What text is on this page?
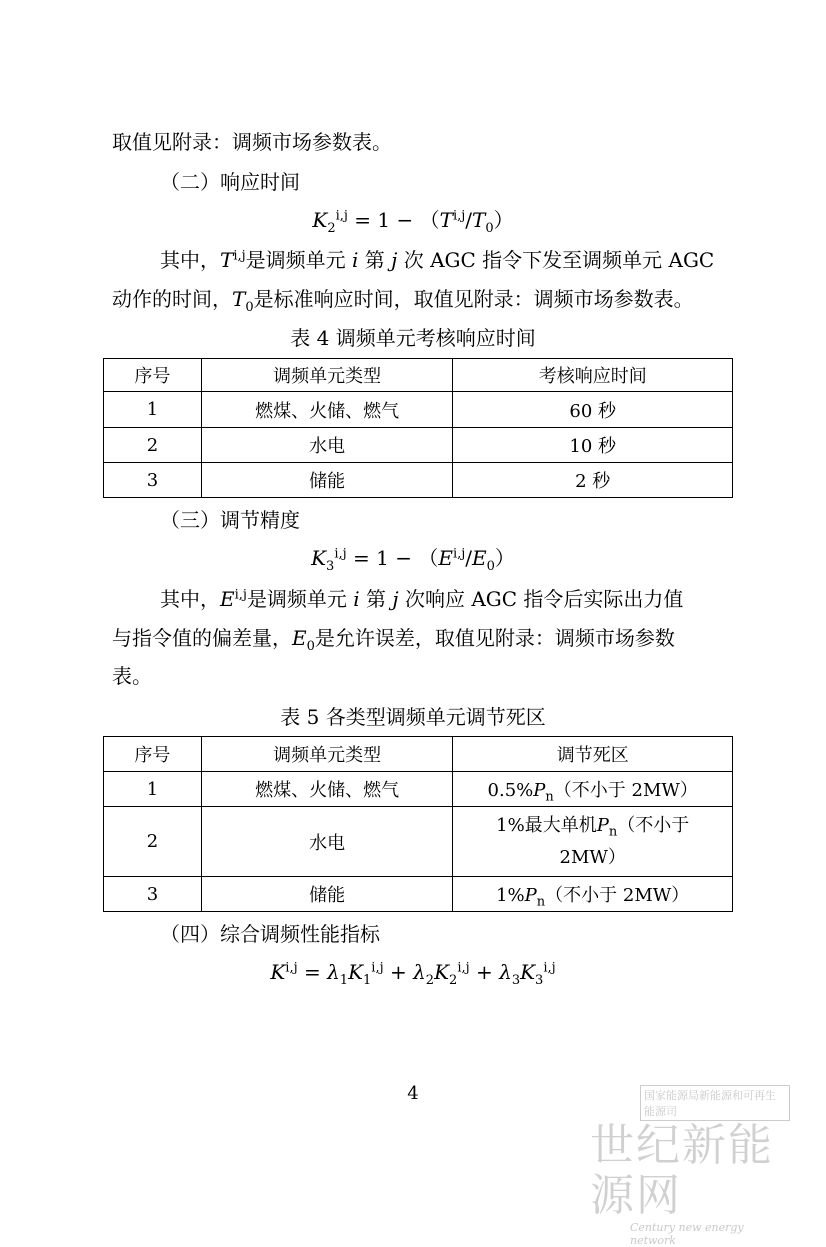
取值见附录：调频市场参数表。
（二）响应时间
$K_2^{i,j} = 1 - (T^{i,j}/T_0)$
其中，T$^{i,j}$是调频单元 i 第 j 次 AGC 指令下发至调频单元 AGC
动作的时间，$T_0$是标准响应时间，取值见附录：调频市场参数表。
表 4 调频单元考核响应时间
序号	调频单元类型	考核响应时间
1	燃煤、火储、燃气	60 秒
2	水电	10 秒
3	储能	2 秒
（三）调节精度
$K_3^{i,j} = 1 - (E^{i,j}/E_0)$
其中，E$^{i,j}$是调频单元 i 第 j 次响应 AGC 指令后实际出力值
与指令值的偏差量，$E_0$是允许误差，取值见附录：调频市场参数
表。
表 5 各类型调频单元调节死区
序号	调频单元类型	调节死区
1	燃煤、火储、燃气	$0.5\%P_n$（不小于 2MW）
2	水电	1%最大单机$P_n$（不小于
2MW）
3	储能	$1\%P_n$（不小于 2MW）
（四）综合调频性能指标
$K^{i,j} = \lambda_1K_1^{i,j} + \lambda_2K_2^{i,j} + \lambda_3K_3^{i,j}$
4	国家能源局新能源和可再生能源司
世纪新能源网
Century new energy network
